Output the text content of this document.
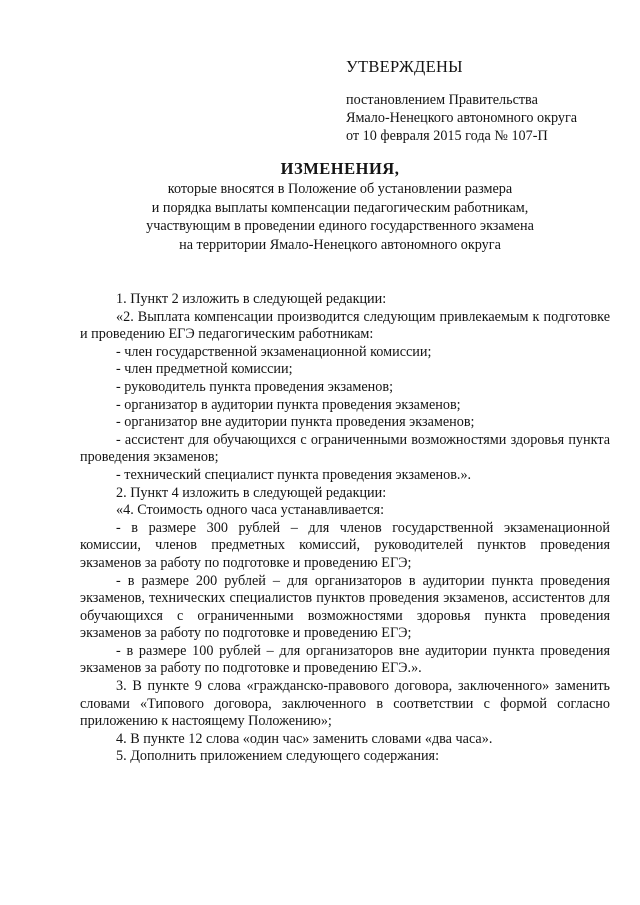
УТВЕРЖДЕНЫ
постановлением Правительства
Ямало-Ненецкого автономного округа
от 10 февраля 2015 года № 107-П
ИЗМЕНЕНИЯ,
которые вносятся в Положение об установлении размера
и порядка выплаты компенсации педагогическим работникам,
участвующим в проведении единого государственного экзамена
на территории Ямало-Ненецкого автономного округа

1. Пункт 2 изложить в следующей редакции:

«2. Выплата компенсации производится следующим привлекаемым к подготовке и проведению ЕГЭ педагогическим работникам:

- член государственной экзаменационной комиссии;

- член предметной комиссии;

- руководитель пункта проведения экзаменов;

- организатор в аудитории пункта проведения экзаменов;

- организатор вне аудитории пункта проведения экзаменов;

- ассистент для обучающихся с ограниченными возможностями здоровья пункта проведения экзаменов;

- технический специалист пункта проведения экзаменов.».

2. Пункт 4 изложить в следующей редакции:

«4. Стоимость одного часа устанавливается:

- в размере 300 рублей – для членов государственной экзаменационной комиссии, членов предметных комиссий, руководителей пунктов проведения экзаменов за работу по подготовке и проведению ЕГЭ;

- в размере 200 рублей – для организаторов в аудитории пункта проведения экзаменов, технических специалистов пунктов проведения экзаменов, ассистентов для обучающихся с ограниченными возможностями здоровья пункта проведения экзаменов за работу по подготовке и проведению ЕГЭ;

- в размере 100 рублей – для организаторов вне аудитории пункта проведения экзаменов за работу по подготовке и проведению ЕГЭ.».

3. В пункте 9 слова «гражданско-правового договора, заключенного» заменить словами «Типового договора, заключенного в соответствии с формой согласно приложению к настоящему Положению»;

4. В пункте 12 слова «один час» заменить словами «два часа».

5. Дополнить приложением следующего содержания:
